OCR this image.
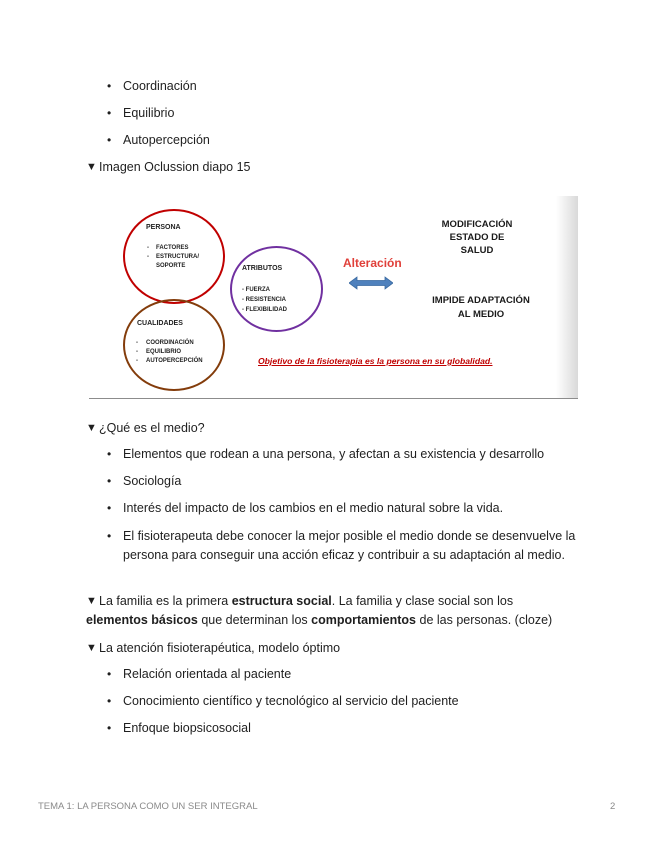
• Coordinación
• Equilibrio
• Autopercepción
▼ Imagen Oclussion diapo 15
PERSONA
- FACTORES
- ESTRUCTURA/
SOPORTE	ATRIBUTOS
- FUERZA
- RESISTENCIA
- FLEXIBILIDAD
CUALIDADES
- COORDINACIÓN
- EQUILIBRIO
- AUTOPERCEPCIÓN
Alteración
MODIFICACIÓN
ESTADO DE
SALUD
IMPIDE ADAPTACIÓN
AL MEDIO
Objetivo de la fisioterapia es la persona en su globalidad.
▼ ¿Qué es el medio?
• Elementos que rodean a una persona, y afectan a su existencia y desarrollo
• Sociología
• Interés del impacto de los cambios en el medio natural sobre la vida.
• El fisioterapeuta debe conocer la mejor posible el medio donde se desenvuelve la persona para conseguir una acción eficaz y contribuir a su adaptación al medio.
▼ La familia es la primera estructura social. La familia y clase social son los
elementos básicos que determinan los comportamientos de las personas. (cloze)
▼ La atención fisioterapéutica, modelo óptimo
• Relación orientada al paciente
• Conocimiento científico y tecnológico al servicio del paciente
• Enfoque biopsicosocial
TEMA 1: LA PERSONA COMO UN SER INTEGRAL	2
